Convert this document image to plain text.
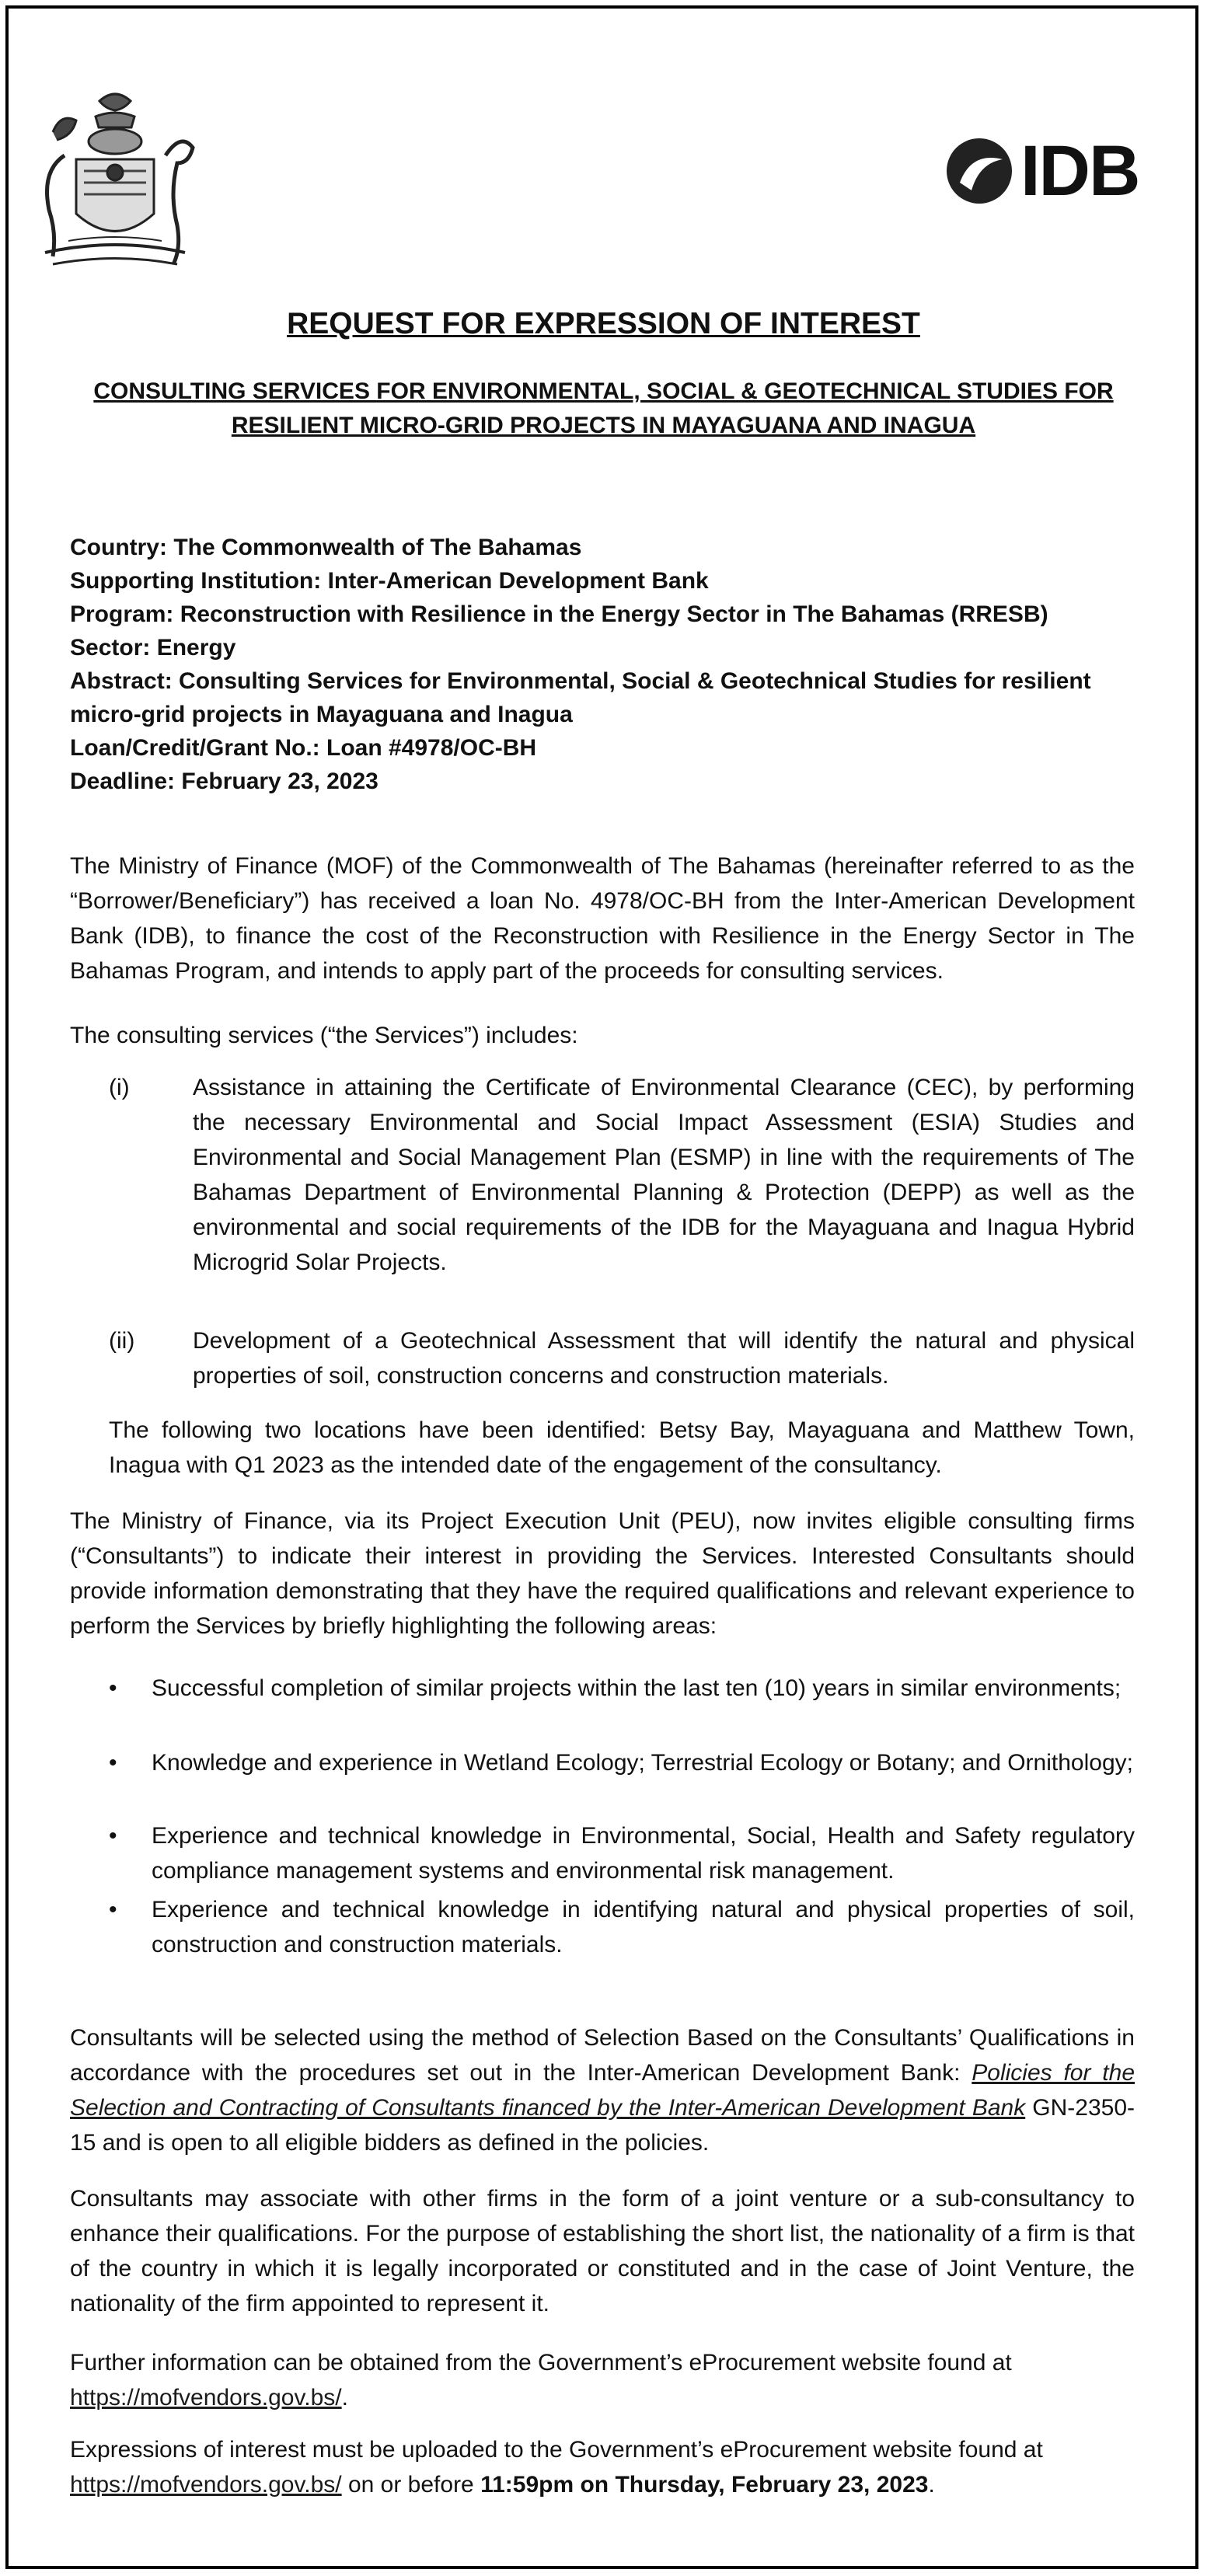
IDB
REQUEST FOR EXPRESSION OF INTEREST
CONSULTING SERVICES FOR ENVIRONMENTAL, SOCIAL & GEOTECHNICAL STUDIES FOR RESILIENT MICRO-GRID PROJECTS IN MAYAGUANA AND INAGUA
Country: The Commonwealth of The Bahamas
Supporting Institution: Inter-American Development Bank
Program: Reconstruction with Resilience in the Energy Sector in The Bahamas (RRESB)
Sector: Energy
Abstract: Consulting Services for Environmental, Social & Geotechnical Studies for resilient micro-grid projects in Mayaguana and Inagua
Loan/Credit/Grant No.: Loan #4978/OC-BH
Deadline: February 23, 2023
The Ministry of Finance (MOF) of the Commonwealth of The Bahamas (hereinafter referred to as the “Borrower/Beneficiary”) has received a loan No. 4978/OC-BH from the Inter-American Development Bank (IDB), to finance the cost of the Reconstruction with Resilience in the Energy Sector in The Bahamas Program, and intends to apply part of the proceeds for consulting services.
The consulting services (“the Services”) includes:
(i)	Assistance in attaining the Certificate of Environmental Clearance (CEC), by performing the necessary Environmental and Social Impact Assessment (ESIA) Studies and Environmental and Social Management Plan (ESMP) in line with the requirements of The Bahamas Department of Environmental Planning & Protection (DEPP) as well as the environmental and social requirements of the IDB for the Mayaguana and Inagua Hybrid Microgrid Solar Projects.
(ii) Development of a Geotechnical Assessment that will identify the natural and physical properties of soil, construction concerns and construction materials.
The following two locations have been identified: Betsy Bay, Mayaguana and Matthew Town, Inagua with Q1 2023 as the intended date of the engagement of the consultancy.
The Ministry of Finance, via its Project Execution Unit (PEU), now invites eligible consulting firms (“Consultants”) to indicate their interest in providing the Services. Interested Consultants should provide information demonstrating that they have the required qualifications and relevant experience to perform the Services by briefly highlighting the following areas:
• Successful completion of similar projects within the last ten (10) years in similar environments;
• Knowledge and experience in Wetland Ecology; Terrestrial Ecology or Botany; and Ornithology;
• Experience and technical knowledge in Environmental, Social, Health and Safety regulatory compliance management systems and environmental risk management.
• Experience and technical knowledge in identifying natural and physical properties of soil, construction and construction materials.
Consultants will be selected using the method of Selection Based on the Consultants’ Qualifications in accordance with the procedures set out in the Inter-American Development Bank: Policies for the Selection and Contracting of Consultants financed by the Inter-American Development Bank GN-2350-15 and is open to all eligible bidders as defined in the policies.
Consultants may associate with other firms in the form of a joint venture or a sub-consultancy to enhance their qualifications. For the purpose of establishing the short list, the nationality of a firm is that of the country in which it is legally incorporated or constituted and in the case of Joint Venture, the nationality of the firm appointed to represent it.
Further information can be obtained from the Government’s eProcurement website found at
https://mofvendors.gov.bs/.
Expressions of interest must be uploaded to the Government’s eProcurement website found at
https://mofvendors.gov.bs/ on or before 11:59pm on Thursday, February 23, 2023.
